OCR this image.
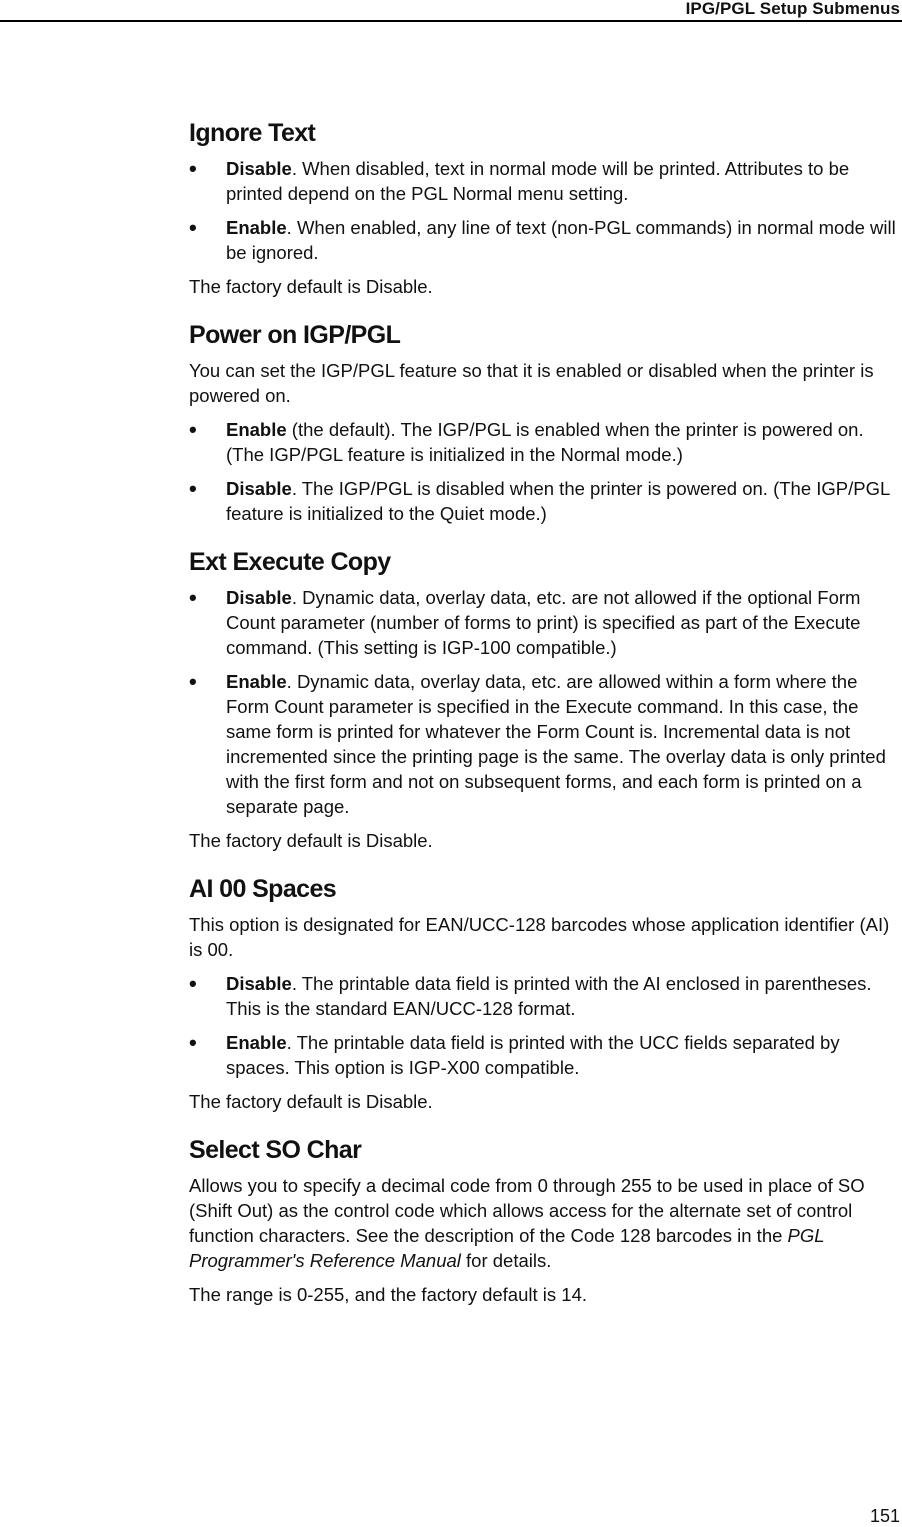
IPG/PGL Setup Submenus
Ignore Text
• Disable. When disabled, text in normal mode will be printed. Attributes to be printed depend on the PGL Normal menu setting.
• Enable. When enabled, any line of text (non-PGL commands) in normal mode will be ignored.

The factory default is Disable.

Power on IGP/PGL

You can set the IGP/PGL feature so that it is enabled or disabled when the printer is powered on.

• Enable (the default). The IGP/PGL is enabled when the printer is powered on. (The IGP/PGL feature is initialized in the Normal mode.)
• Disable. The IGP/PGL is disabled when the printer is powered on. (The IGP/PGL feature is initialized to the Quiet mode.)
Ext Execute Copy
• Disable. Dynamic data, overlay data, etc. are not allowed if the optional Form Count parameter (number of forms to print) is specified as part of the Execute command. (This setting is IGP-100 compatible.)
• Enable. Dynamic data, overlay data, etc. are allowed within a form where the Form Count parameter is specified in the Execute command. In this case, the same form is printed for whatever the Form Count is. Incremental data is not incremented since the printing page is the same. The overlay data is only printed with the first form and not on subsequent forms, and each form is printed on a separate page.

The factory default is Disable.

AI 00 Spaces

This option is designated for EAN/UCC-128 barcodes whose application identifier (AI) is 00.

• Disable. The printable data field is printed with the AI enclosed in parentheses. This is the standard EAN/UCC-128 format.
• Enable. The printable data field is printed with the UCC fields separated by spaces. This option is IGP-X00 compatible.

The factory default is Disable.

Select SO Char

Allows you to specify a decimal code from 0 through 255 to be used in place of SO (Shift Out) as the control code which allows access for the alternate set of control function characters. See the description of the Code 128 barcodes in the PGL Programmer's Reference Manual for details.

The range is 0-255, and the factory default is 14.

151
